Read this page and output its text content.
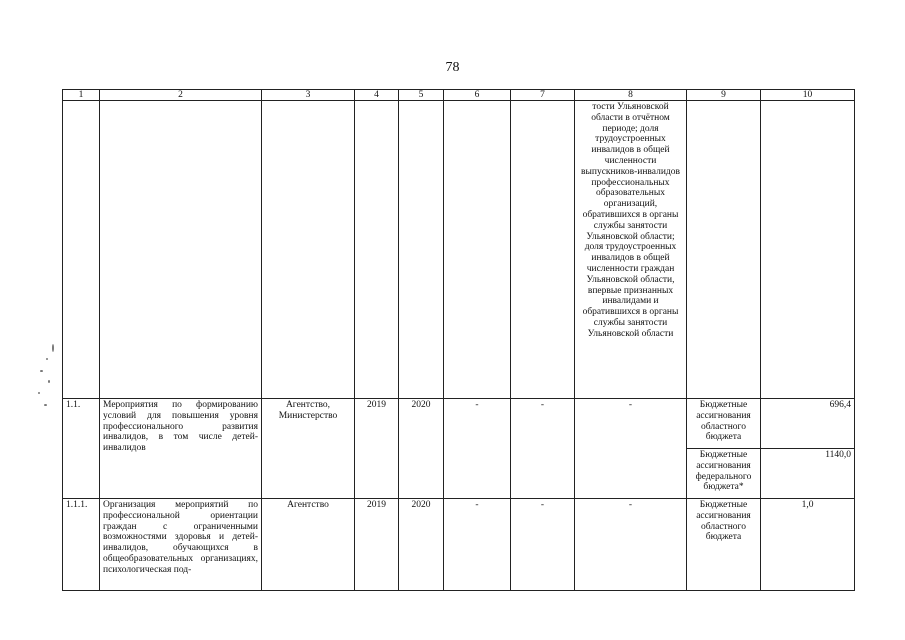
78
1	2	3	4	5	6	7	8	9	10
							тости Ульяновской области в отчётном периоде; доля трудоустроенных инвалидов в общей численности выпускников-инвалидов профессиональных образовательных организаций, обратившихся в органы службы занятости Ульяновской области; доля трудоустроенных инвалидов в общей численности граждан Ульяновской области, впервые признанных инвалидами и обратившихся в органы службы занятости Ульяновской области		
1.1.	Мероприятия по формированию условий для повышения уровня профессионального развития инвалидов, в том числе детей-инвалидов	Агентство, Министерство	2019	2020	-	-	-	Бюджетные ассигнования областного бюджета	696,4
								Бюджетные ассигнования федерального бюджета*	1140,0
1.1.1.	Организация мероприятий по профессиональной ориентации граждан с ограниченными возможностями здоровья и детей-инвалидов, обучающихся в общеобразовательных организациях, психологическая под-	Агентство	2019	2020	-	-	-	Бюджетные ассигнования областного бюджета	1,0
